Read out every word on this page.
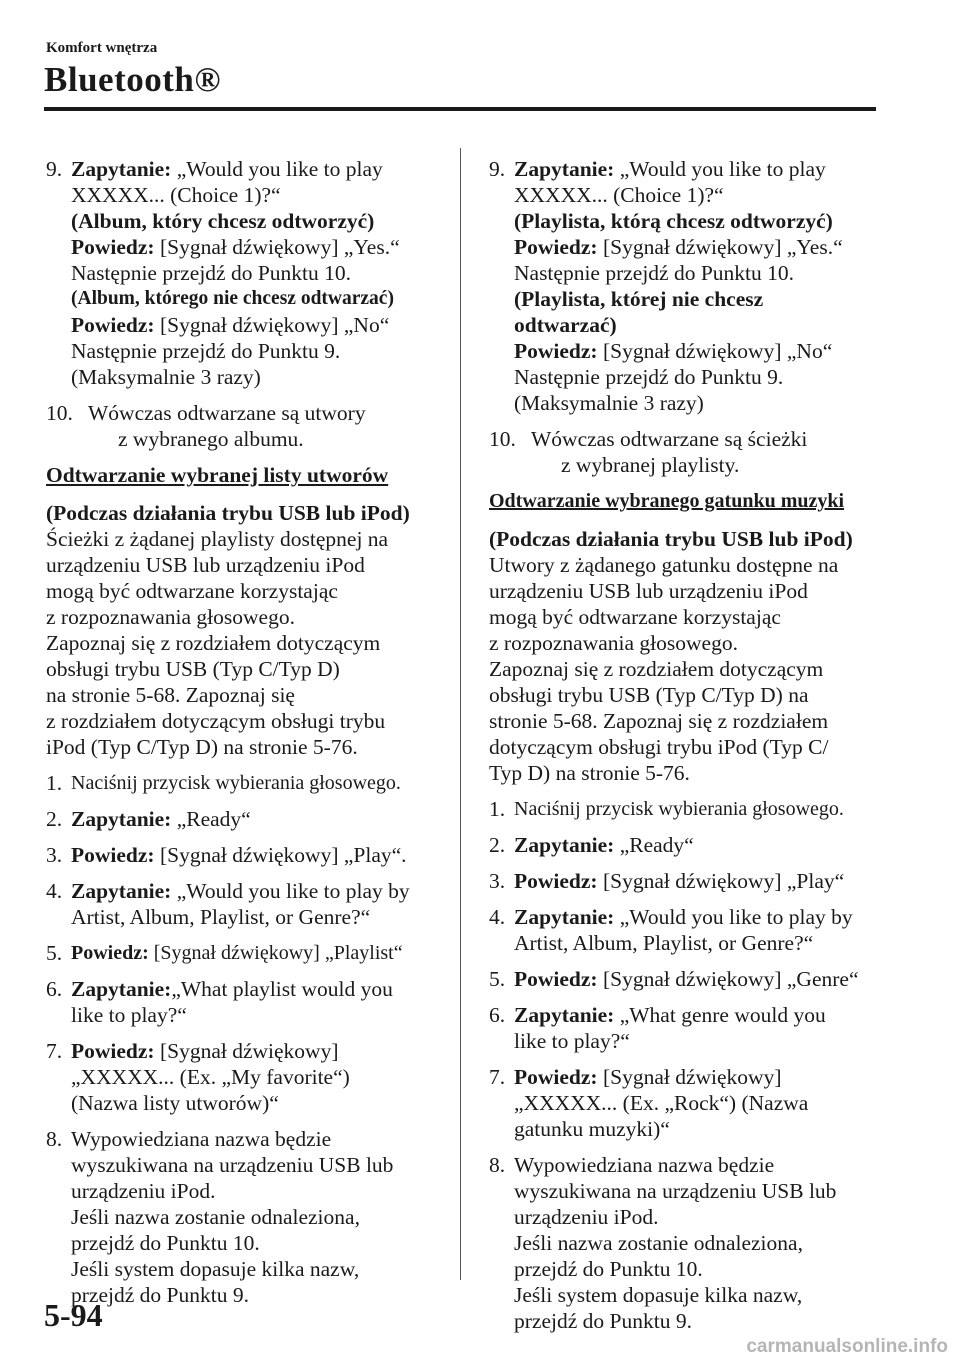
Komfort wnętrza
Bluetooth®
9. Zapytanie: „Would you like to play
XXXXX... (Choice 1)?“
(Album, który chcesz odtworzyć)
Powiedz: [Sygnał dźwiękowy] „Yes.“
Następnie przejdź do Punktu 10.
(Album, którego nie chcesz odtwarzać)
Powiedz: [Sygnał dźwiękowy] „No“
Następnie przejdź do Punktu 9.
(Maksymalnie 3 razy)
10. Wówczas odtwarzane są utwory
z wybranego albumu.
Odtwarzanie wybranej listy utworów
(Podczas działania trybu USB lub iPod)
Ścieżki z żądanej playlisty dostępnej na
urządzeniu USB lub urządzeniu iPod
mogą być odtwarzane korzystając
z rozpoznawania głosowego.
Zapoznaj się z rozdziałem dotyczącym
obsługi trybu USB (Typ C/Typ D)
na stronie 5-68. Zapoznaj się
z rozdziałem dotyczącym obsługi trybu
iPod (Typ C/Typ D) na stronie 5-76.
1. Naciśnij przycisk wybierania głosowego.
2. Zapytanie: „Ready“
3. Powiedz: [Sygnał dźwiękowy] „Play“.
4. Zapytanie: „Would you like to play by
Artist, Album, Playlist, or Genre?“
5. Powiedz: [Sygnał dźwiękowy] „Playlist“
6. Zapytanie:„What playlist would you
like to play?“
7. Powiedz: [Sygnał dźwiękowy]
„XXXXX... (Ex. „My favorite“)
(Nazwa listy utworów)“
8. Wypowiedziana nazwa będzie
wyszukiwana na urządzeniu USB lub
urządzeniu iPod.
Jeśli nazwa zostanie odnaleziona,
przejdź do Punktu 10.
Jeśli system dopasuje kilka nazw,
przejdź do Punktu 9.
9. Zapytanie: „Would you like to play
XXXXX... (Choice 1)?“
(Playlista, którą chcesz odtworzyć)
Powiedz: [Sygnał dźwiękowy] „Yes.“
Następnie przejdź do Punktu 10.
(Playlista, której nie chcesz
odtwarzać)
Powiedz: [Sygnał dźwiękowy] „No“
Następnie przejdź do Punktu 9.
(Maksymalnie 3 razy)
10. Wówczas odtwarzane są ścieżki
z wybranej playlisty.
Odtwarzanie wybranego gatunku muzyki
(Podczas działania trybu USB lub iPod)
Utwory z żądanego gatunku dostępne na
urządzeniu USB lub urządzeniu iPod
mogą być odtwarzane korzystając
z rozpoznawania głosowego.
Zapoznaj się z rozdziałem dotyczącym
obsługi trybu USB (Typ C/Typ D) na
stronie 5-68. Zapoznaj się z rozdziałem
dotyczącym obsługi trybu iPod (Typ C/
Typ D) na stronie 5-76.
1. Naciśnij przycisk wybierania głosowego.
2. Zapytanie: „Ready“
3. Powiedz: [Sygnał dźwiękowy] „Play“
4. Zapytanie: „Would you like to play by
Artist, Album, Playlist, or Genre?“
5. Powiedz: [Sygnał dźwiękowy] „Genre“
6. Zapytanie: „What genre would you
like to play?“
7. Powiedz: [Sygnał dźwiękowy]
„XXXXX... (Ex. „Rock“) (Nazwa
gatunku muzyki)“
8. Wypowiedziana nazwa będzie
wyszukiwana na urządzeniu USB lub
urządzeniu iPod.
Jeśli nazwa zostanie odnaleziona,
przejdź do Punktu 10.
Jeśli system dopasuje kilka nazw,
przejdź do Punktu 9.
5-94
carmanualsonline.info
